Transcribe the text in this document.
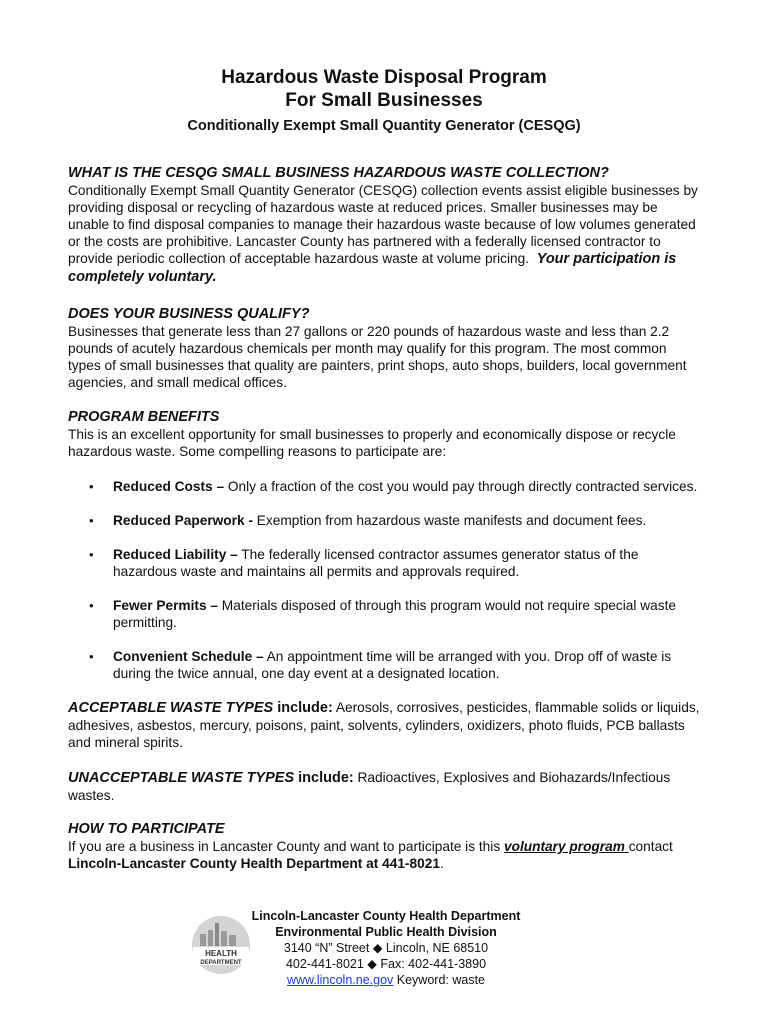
Hazardous Waste Disposal Program
For Small Businesses
Conditionally Exempt Small Quantity Generator (CESQG)
WHAT IS THE CESQG SMALL BUSINESS HAZARDOUS WASTE COLLECTION?

Conditionally Exempt Small Quantity Generator (CESQG) collection events assist eligible businesses by providing disposal or recycling of hazardous waste at reduced prices. Smaller businesses may be unable to find disposal companies to manage their hazardous waste because of low volumes generated or the costs are prohibitive. Lancaster County has partnered with a federally licensed contractor to provide periodic collection of acceptable hazardous waste at volume pricing. Your participation is completely voluntary.

DOES YOUR BUSINESS QUALIFY?

Businesses that generate less than 27 gallons or 220 pounds of hazardous waste and less than 2.2 pounds of acutely hazardous chemicals per month may qualify for this program. The most common types of small businesses that quality are painters, print shops, auto shops, builders, local government agencies, and small medical offices.

PROGRAM BENEFITS

This is an excellent opportunity for small businesses to properly and economically dispose or recycle hazardous waste. Some compelling reasons to participate are:

• Reduced Costs – Only a fraction of the cost you would pay through directly contracted services.
• Reduced Paperwork - Exemption from hazardous waste manifests and document fees.
• Reduced Liability – The federally licensed contractor assumes generator status of the hazardous waste and maintains all permits and approvals required.
• Fewer Permits – Materials disposed of through this program would not require special waste permitting.
• Convenient Schedule – An appointment time will be arranged with you. Drop off of waste is during the twice annual, one day event at a designated location.

ACCEPTABLE WASTE TYPES include: Aerosols, corrosives, pesticides, flammable solids or liquids, adhesives, asbestos, mercury, poisons, paint, solvents, cylinders, oxidizers, photo fluids, PCB ballasts and mineral spirits.

UNACCEPTABLE WASTE TYPES include: Radioactives, Explosives and Biohazards/Infectious wastes.

HOW TO PARTICIPATE

If you are a business in Lancaster County and want to participate is this voluntary program contact Lincoln-Lancaster County Health Department at 441-8021.

HEALTH
DEPARTMENT
Lincoln-Lancaster County Health Department
Environmental Public Health Division
3140 “N” Street ◆ Lincoln, NE 68510
402-441-8021 ◆ Fax: 402-441-3890
www.lincoln.ne.gov Keyword: waste
